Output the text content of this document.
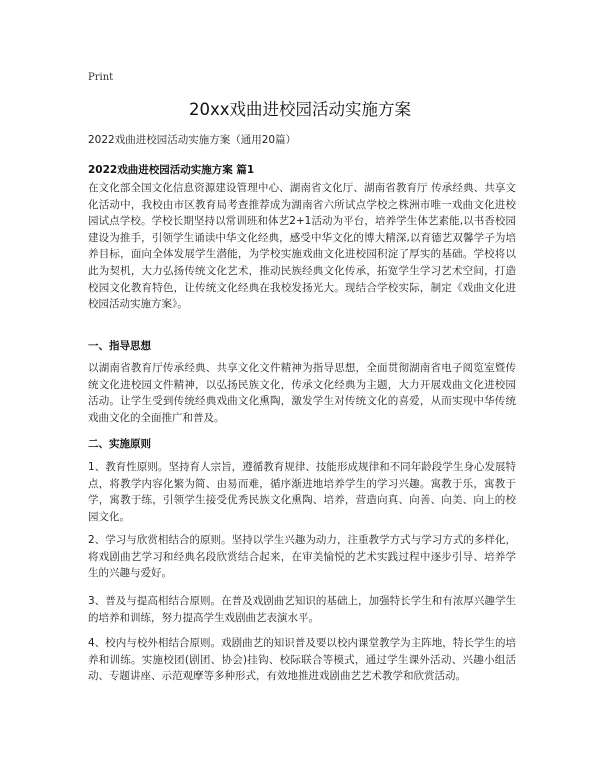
Print
20xx戏曲进校园活动实施方案
2022戏曲进校园活动实施方案（通用20篇）
2022戏曲进校园活动实施方案 篇1

在文化部全国文化信息资源建设管理中心、湖南省文化厅、湖南省教育厅 传承经典、共享文化活动中，我校由市区教育局考查推荐成为湖南省六所试点学校之株洲市唯一戏曲文化进校园试点学校。学校长期坚持以常训班和体艺2+1活动为平台，培养学生体艺素能,以书香校园建设为推手，引领学生诵读中华文化经典，感受中华文化的博大精深,以育德艺双馨学子为培养目标，面向全体发展学生潜能，为学校实施戏曲文化进校园积淀了厚实的基础。学校将以此为契机，大力弘扬传统文化艺术，推动民族经典文化传承，拓宽学生学习艺术空间，打造校园文化教育特色，让传统文化经典在我校发扬光大。现结合学校实际，制定《戏曲文化进校园活动实施方案》。

一、指导思想

以湖南省教育厅传承经典、共享文化文件精神为指导思想，全面贯彻湖南省电子阅览室暨传统文化进校园文件精神，以弘扬民族文化，传承文化经典为主题，大力开展戏曲文化进校园活动。让学生受到传统经典戏曲文化熏陶，激发学生对传统文化的喜爱，从而实现中华传统戏曲文化的全面推广和普及。

二、实施原则

1、教育性原则。坚持育人宗旨，遵循教育规律、技能形成规律和不同年龄段学生身心发展特点，将教学内容化繁为简、由易而难，循序渐进地培养学生的学习兴趣。寓教于乐，寓教于学，寓教于练，引领学生接受优秀民族文化熏陶、培养，营造向真、向善、向美、向上的校园文化。

2、学习与欣赏相结合的原则。坚持以学生兴趣为动力，注重教学方式与学习方式的多样化，将戏剧曲艺学习和经典名段欣赏结合起来，在审美愉悦的艺术实践过程中逐步引导、培养学生的兴趣与爱好。

3、普及与提高相结合原则。在普及戏剧曲艺知识的基础上，加强特长学生和有浓厚兴趣学生的培养和训练，努力提高学生戏剧曲艺表演水平。

4、校内与校外相结合原则。戏剧曲艺的知识普及要以校内课堂教学为主阵地，特长学生的培养和训练。实施校团(剧团、协会)挂钩、校际联合等模式，通过学生课外活动、兴趣小组活动、专题讲座、示范观摩等多种形式，有效地推进戏剧曲艺艺术教学和欣赏活动。
